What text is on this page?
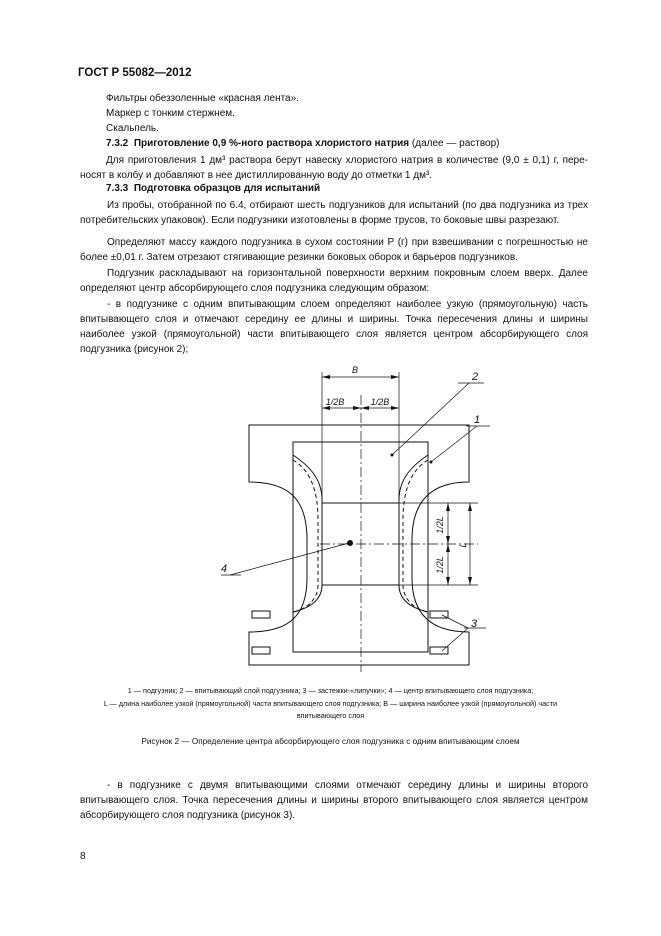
ГОСТ Р 55082—2012
Фильтры обеззоленные «красная лента».
Маркер с тонким стержнем.
Скальпель.
7.3.2 Приготовление 0,9 %-ного раствора хлористого натрия (далее — раствор)
Для приготовления 1 дм³ раствора берут навеску хлористого натрия в количестве (9,0 ± 0,1) г, пере-
носят в колбу и добавляют в нее дистиллированную воду до отметки 1 дм³.
7.3.3 Подготовка образцов для испытаний
Из пробы, отобранной по 6.4, отбирают шесть подгузников для испытаний (по два подгузника из трех потребительских упаковок). Если подгузники изготовлены в форме трусов, то боковые швы разрезают.
Определяют массу каждого подгузника в сухом состоянии P (г) при взвешивании с погрешностью не более ±0,01 г. Затем отрезают стягивающие резинки боковых оборок и барьеров подгузников.
Подгузник раскладывают на горизонтальной поверхности верхним покровным слоем вверх. Далее определяют центр абсорбирующего слоя подгузника следующим образом:
- в подгузнике с одним впитывающим слоем определяют наиболее узкую (прямоугольную) часть впитывающего слоя и отмечают середину ее длины и ширины. Точка пересечения длины и ширины наиболее узкой (прямоугольной) части впитывающего слоя является центром абсорбирующего слоя подгузника (рисунок 2);
B
1/2B	1/2B
1/2L
1/2L
L
2
1
4
3
1 — подгузник; 2 — впитывающий слой подгузника; 3 — застежки-«липучки»; 4 — центр впитывающего слоя подгузника;
L — длина наиболее узкой (прямоугольной) части впитывающего слоя подгузника; B — ширина наиболее узкой (прямоугольной) части
впитывающего слоя
Рисунок 2 — Определение центра абсорбирующего слоя подгузника с одним впитывающим слоем
- в подгузнике с двумя впитывающими слоями отмечают середину длины и ширины второго впитывающего слоя. Точка пересечения длины и ширины второго впитывающего слоя является центром абсорбирующего слоя подгузника (рисунок 3).
8
